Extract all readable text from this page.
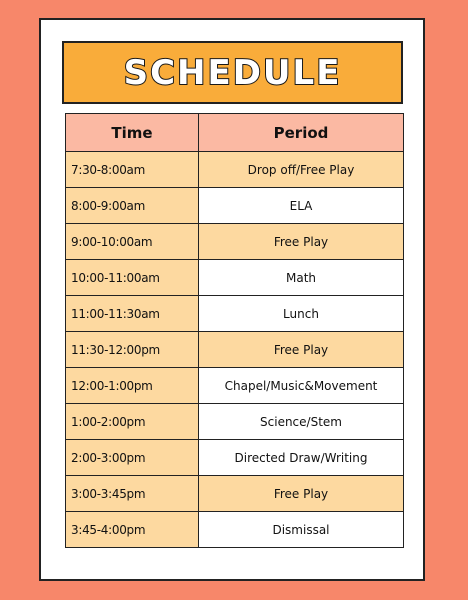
SCHEDULE
Time	Period
7:30-8:00am	Drop off/Free Play
8:00-9:00am	ELA
9:00-10:00am	Free Play
10:00-11:00am	Math
11:00-11:30am	Lunch
11:30-12:00pm	Free Play
12:00-1:00pm	Chapel/Music&Movement
1:00-2:00pm	Science/Stem
2:00-3:00pm	Directed Draw/Writing
3:00-3:45pm	Free Play
3:45-4:00pm	Dismissal
